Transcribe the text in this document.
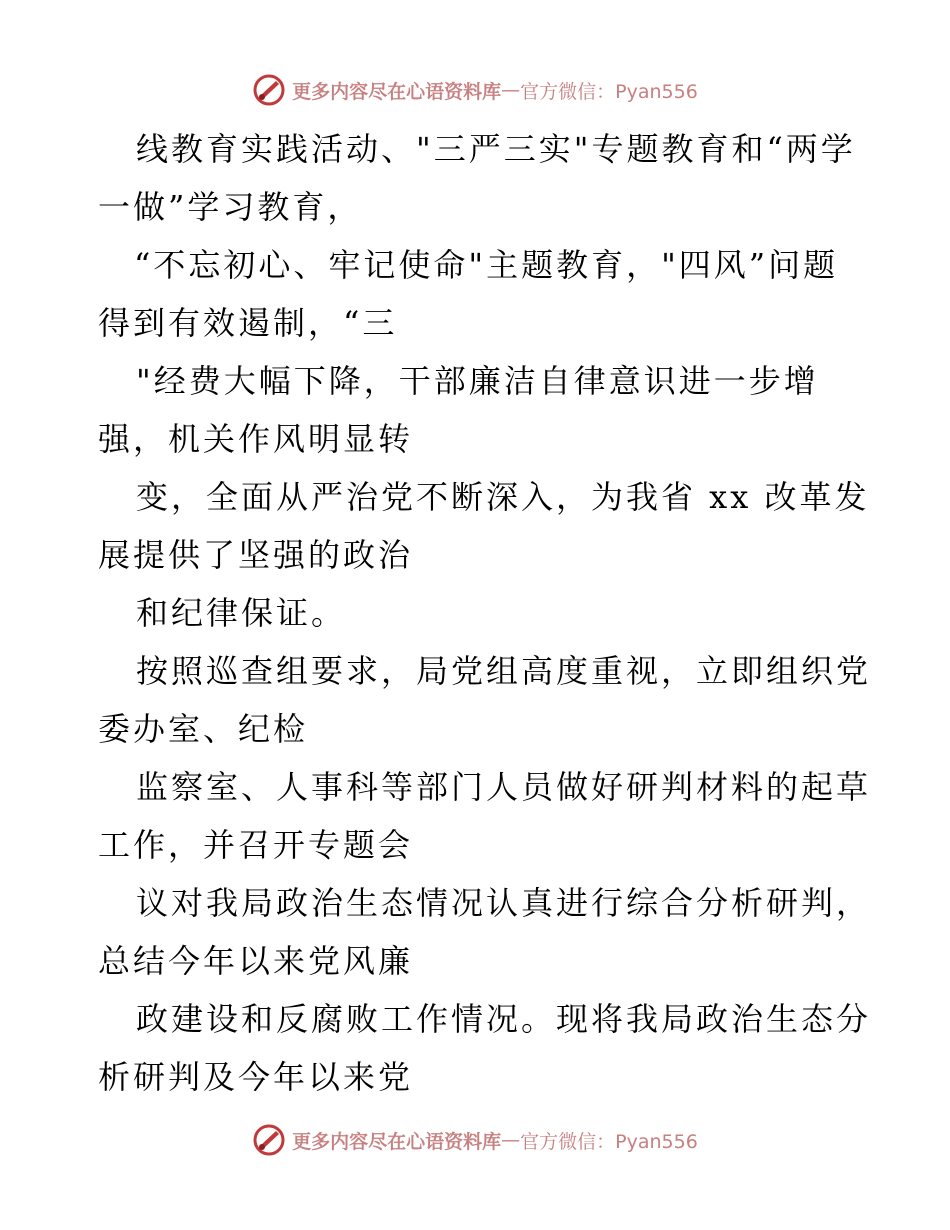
更多内容尽在心语资料库 — 官方微信：Pyan556
线教育实践活动、"三严三实"专题教育和“两学
一做”学习教育，
“不忘初心、牢记使命"主题教育，"四风”问题
得到有效遏制，“三
"经费大幅下降，干部廉洁自律意识进一步增
强，机关作风明显转
变，全面从严治党不断深入，为我省 xx 改革发
展提供了坚强的政治
和纪律保证。
按照巡查组要求，局党组高度重视，立即组织党
委办室、纪检
监察室、人事科等部门人员做好研判材料的起草
工作，并召开专题会
议对我局政治生态情况认真进行综合分析研判，
总结今年以来党风廉
政建设和反腐败工作情况。现将我局政治生态分
析研判及今年以来党
更多内容尽在心语资料库 — 官方微信：Pyan556
